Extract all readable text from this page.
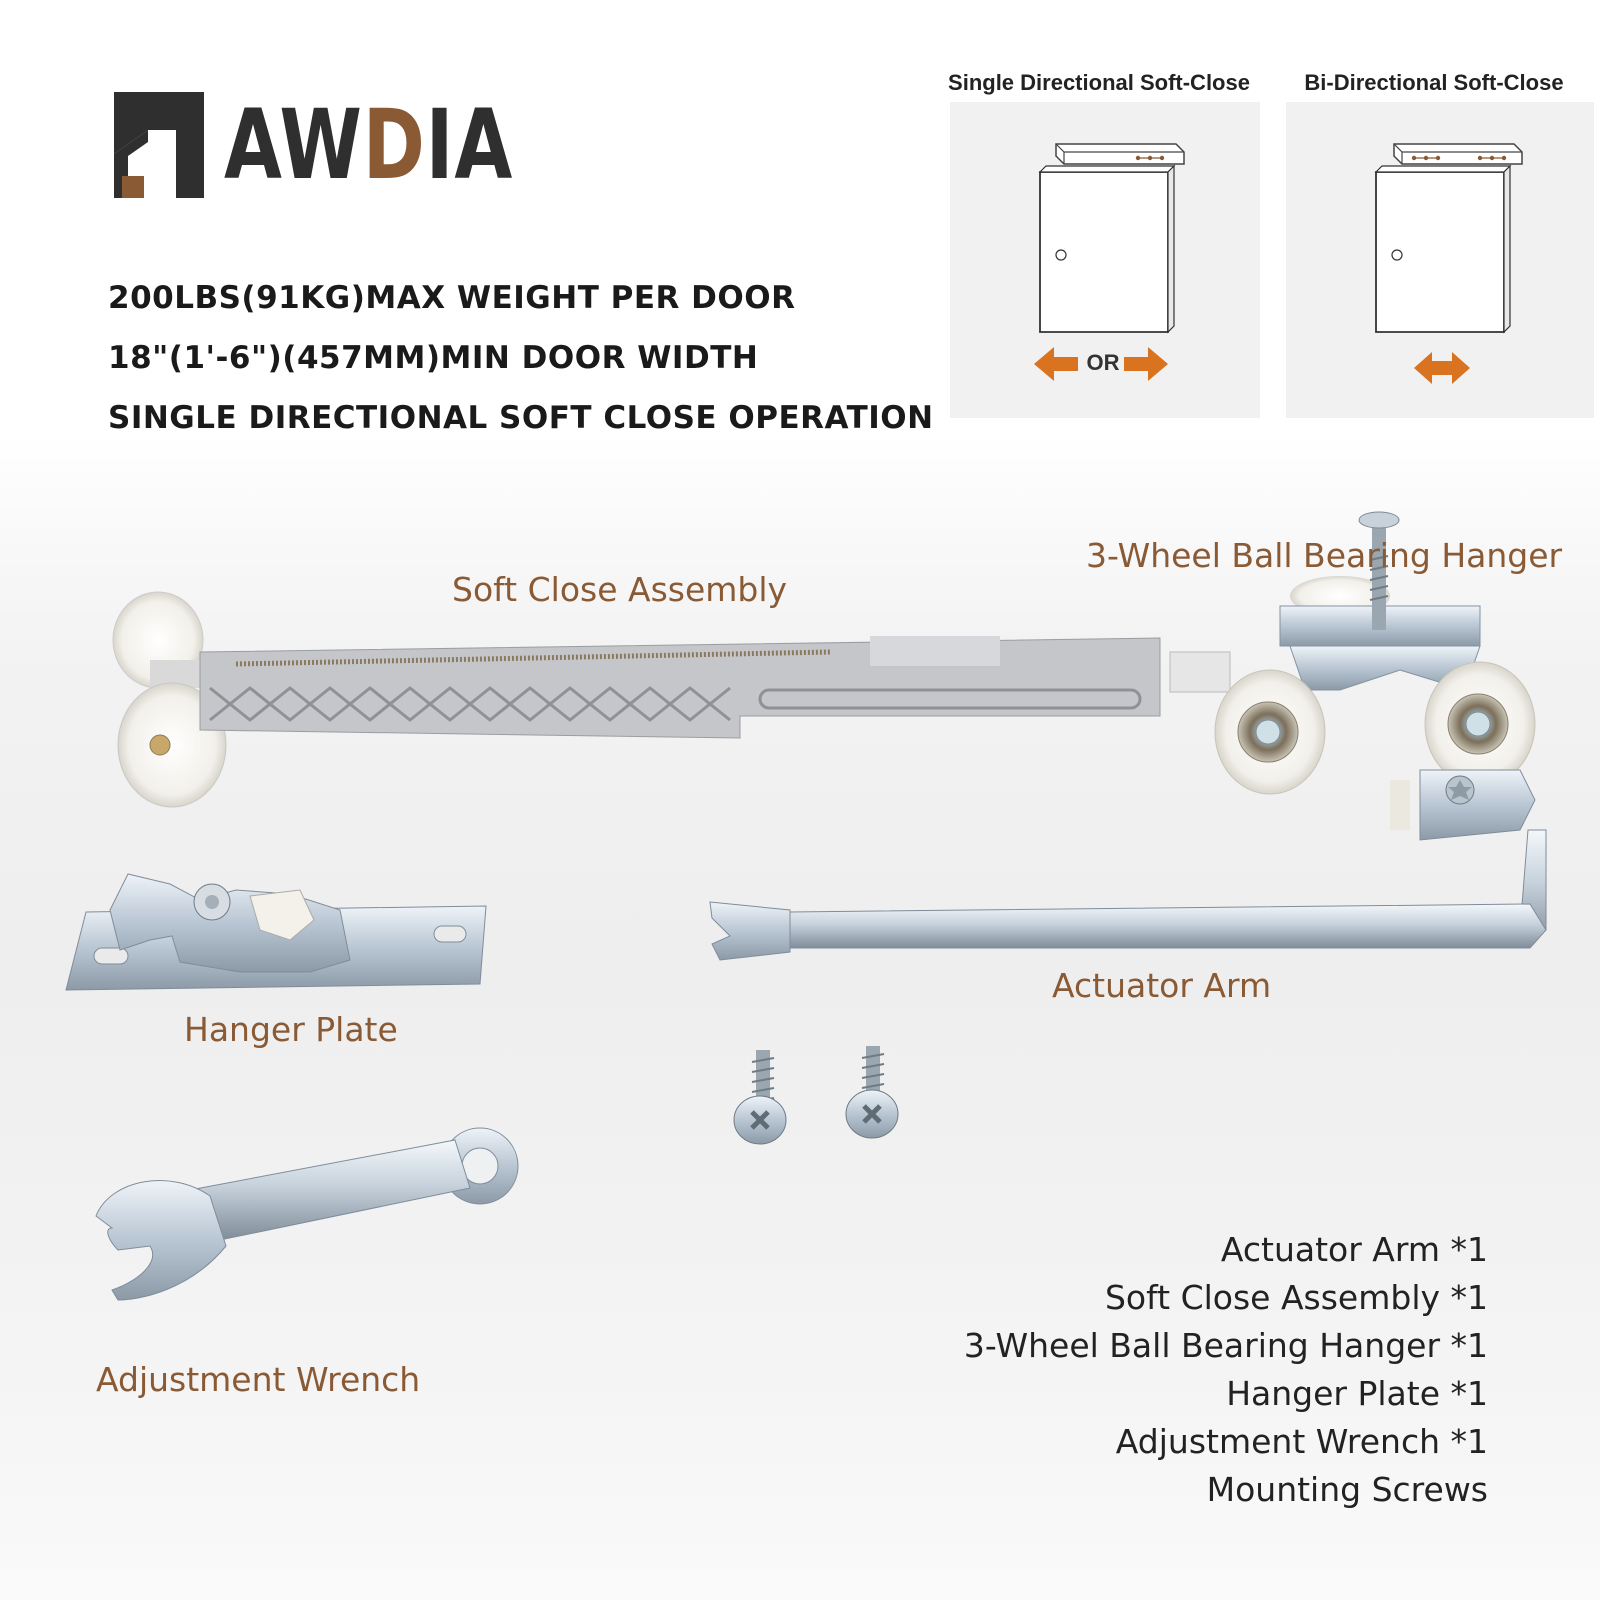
AWDIA
200LBS(91KG)MAX WEIGHT PER DOOR
18"(1'-6")(457MM)MIN DOOR WIDTH
SINGLE DIRECTIONAL SOFT CLOSE OPERATION
Single Directional Soft-Close
OR
Bi-Directional Soft-Close
Soft Close Assembly
3-Wheel Ball Bearing Hanger
Hanger Plate
Actuator Arm
Adjustment Wrench
Actuator Arm *1
Soft Close Assembly *1
3-Wheel Ball Bearing Hanger *1
Hanger Plate *1
Adjustment Wrench *1
Mounting Screws
